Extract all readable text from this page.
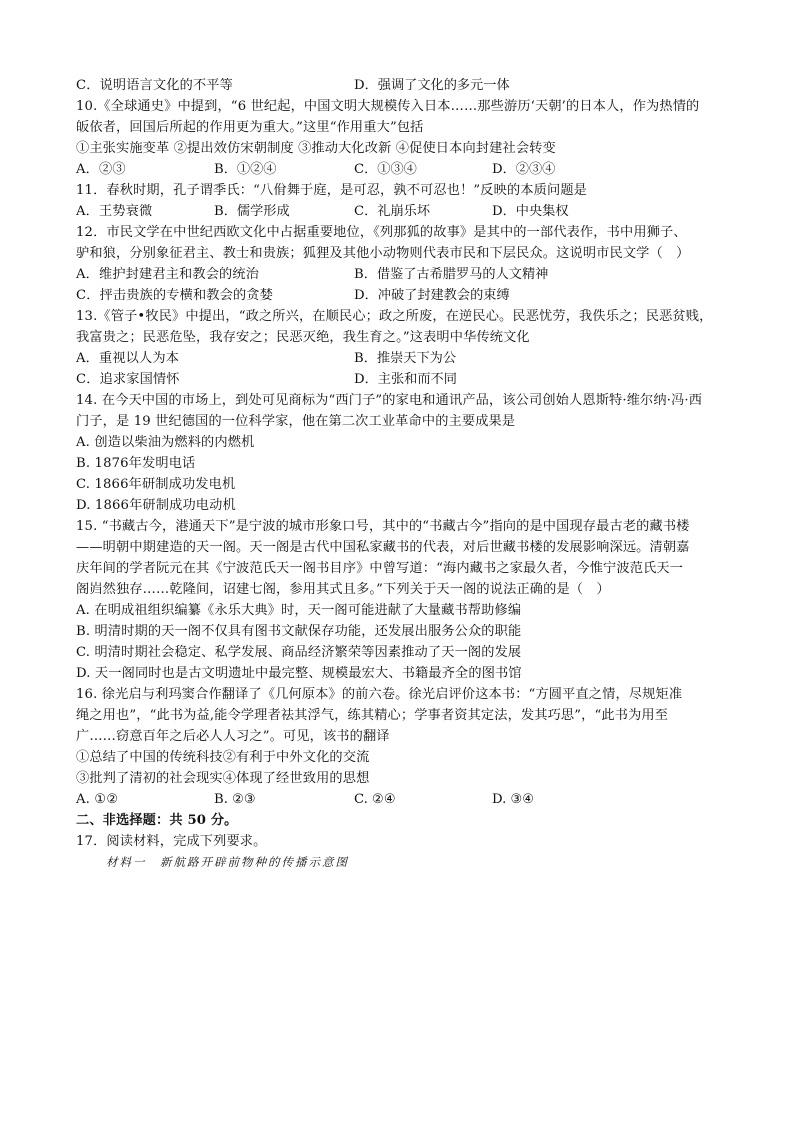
C．说明语言文化的不平等	D．强调了文化的多元一体
10.《全球通史》中提到，“6 世纪起，中国文明大规模传入日本……那些游历‘天朝’的日本人，作为热情的
皈依者，回国后所起的作用更为重大。”这里“作用重大”包括
①主张实施变革 ②提出效仿宋朝制度 ③推动大化改新 ④促使日本向封建社会转变
A．②③	B．①②④	C．①③④	D．②③④
11．春秋时期，孔子谓季氏：“八佾舞于庭，是可忍，孰不可忍也！”反映的本质问题是
A．王势衰微	B．儒学形成	C．礼崩乐坏	D．中央集权
12．市民文学在中世纪西欧文化中占据重要地位，《列那狐的故事》是其中的一部代表作，书中用狮子、
驴和狼，分别象征君主、教士和贵族；狐狸及其他小动物则代表市民和下层民众。这说明市民文学（　）
A．维护封建君主和教会的统治	B．借鉴了古希腊罗马的人文精神
C．抨击贵族的专横和教会的贪婪	D．冲破了封建教会的束缚
13.《管子•牧民》中提出，“政之所兴，在顺民心；政之所废，在逆民心。民恶忧劳，我佚乐之；民恶贫贱，
我富贵之；民恶危坠，我存安之；民恶灭绝，我生育之。”这表明中华传统文化
A．重视以人为本	B．推崇天下为公
C．追求家国情怀	D．主张和而不同
14. 在今天中国的市场上，到处可见商标为“西门子”的家电和通讯产品，该公司创始人恩斯特·维尔纳·冯·西
门子，是 19 世纪德国的一位科学家，他在第二次工业革命中的主要成果是
A. 创造以柴油为燃料的内燃机
B. 1876年发明电话
C. 1866年研制成功发电机
D. 1866年研制成功电动机
15. “书藏古今，港通天下”是宁波的城市形象口号，其中的“书藏古今”指向的是中国现存最古老的藏书楼
——明朝中期建造的天一阁。天一阁是古代中国私家藏书的代表，对后世藏书楼的发展影响深远。清朝嘉
庆年间的学者阮元在其《宁波范氏天一阁书目序》中曾写道：“海内藏书之家最久者，今惟宁波范氏天一
阁岿然独存……乾隆间，诏建七阁，参用其式且多。”下列关于天一阁的说法正确的是（　）
A. 在明成祖组织编纂《永乐大典》时，天一阁可能进献了大量藏书帮助修编
B. 明清时期的天一阁不仅具有图书文献保存功能，还发展出服务公众的职能
C. 明清时期社会稳定、私学发展、商品经济繁荣等因素推动了天一阁的发展
D. 天一阁同时也是古文明遗址中最完整、规模最宏大、书籍最齐全的图书馆
16. 徐光启与利玛窦合作翻译了《几何原本》的前六卷。徐光启评价这本书：“方圆平直之情，尽规矩准
绳之用也”，“此书为益,能令学理者祛其浮气，练其精心；学事者资其定法，发其巧思”，“此书为用至
广……窃意百年之后必人人习之”。可见，该书的翻译
①总结了中国的传统科技②有利于中外文化的交流
③批判了清初的社会现实④体现了经世致用的思想
A. ①②	B. ②③	C. ②④	D. ③④
二、非选择题：共 50 分。
17．阅读材料，完成下列要求。
材料一　新航路开辟前物种的传播示意图
